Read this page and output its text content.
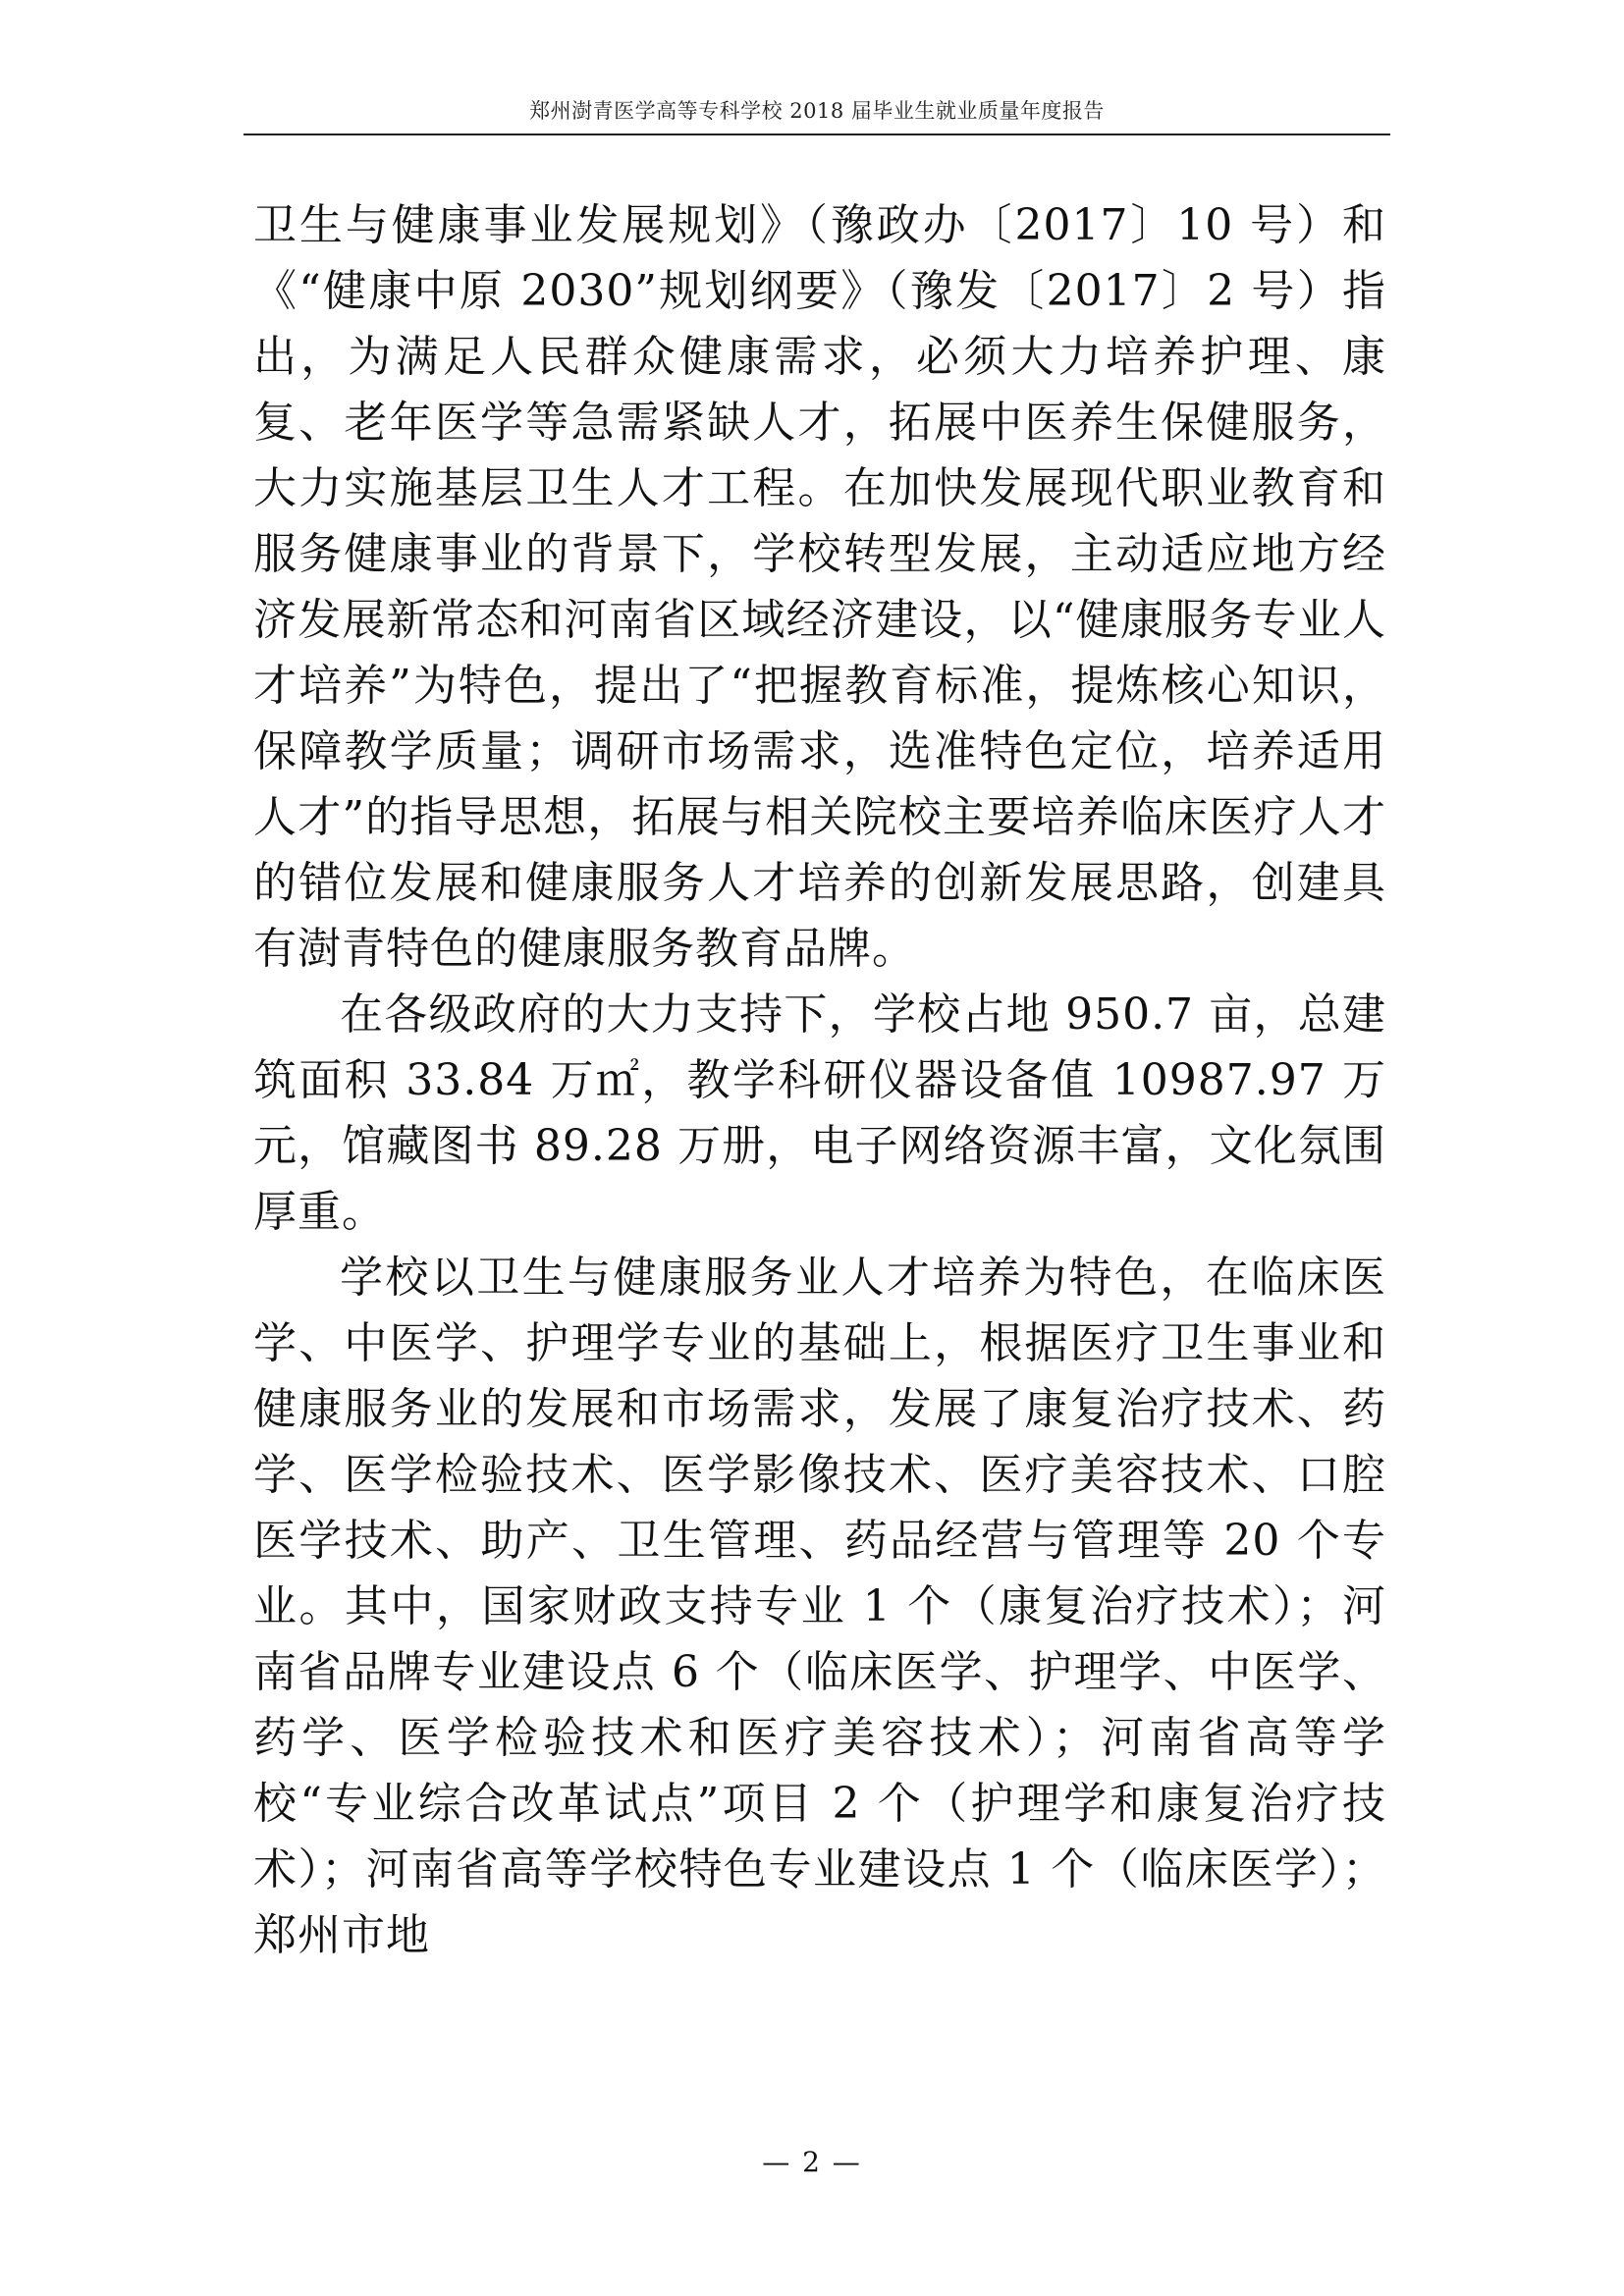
郑州澍青医学高等专科学校 2018 届毕业生就业质量年度报告

卫生与健康事业发展规划》（豫政办〔2017〕10 号）和《“健康中原 2030”规划纲要》（豫发〔2017〕2 号）指出，为满足人民群众健康需求，必须大力培养护理、康复、老年医学等急需紧缺人才，拓展中医养生保健服务，大力实施基层卫生人才工程。在加快发展现代职业教育和服务健康事业的背景下，学校转型发展，主动适应地方经济发展新常态和河南省区域经济建设，以“健康服务专业人才培养”为特色，提出了“把握教育标准，提炼核心知识，保障教学质量；调研市场需求，选准特色定位，培养适用人才”的指导思想，拓展与相关院校主要培养临床医疗人才的错位发展和健康服务人才培养的创新发展思路，创建具有澍青特色的健康服务教育品牌。

在各级政府的大力支持下，学校占地 950.7 亩，总建筑面积 33.84 万㎡，教学科研仪器设备值 10987.97 万元，馆藏图书 89.28 万册，电子网络资源丰富，文化氛围厚重。

学校以卫生与健康服务业人才培养为特色，在临床医学、中医学、护理学专业的基础上，根据医疗卫生事业和健康服务业的发展和市场需求，发展了康复治疗技术、药学、医学检验技术、医学影像技术、医疗美容技术、口腔医学技术、助产、卫生管理、药品经营与管理等 20 个专业。其中，国家财政支持专业 1 个（康复治疗技术）；河南省品牌专业建设点 6 个（临床医学、护理学、中医学、药学、医学检验技术和医疗美容技术）；河南省高等学校“专业综合改革试点”项目 2 个（护理学和康复治疗技术）；河南省高等学校特色专业建设点 1 个（临床医学）；郑州市地

— 2 —
